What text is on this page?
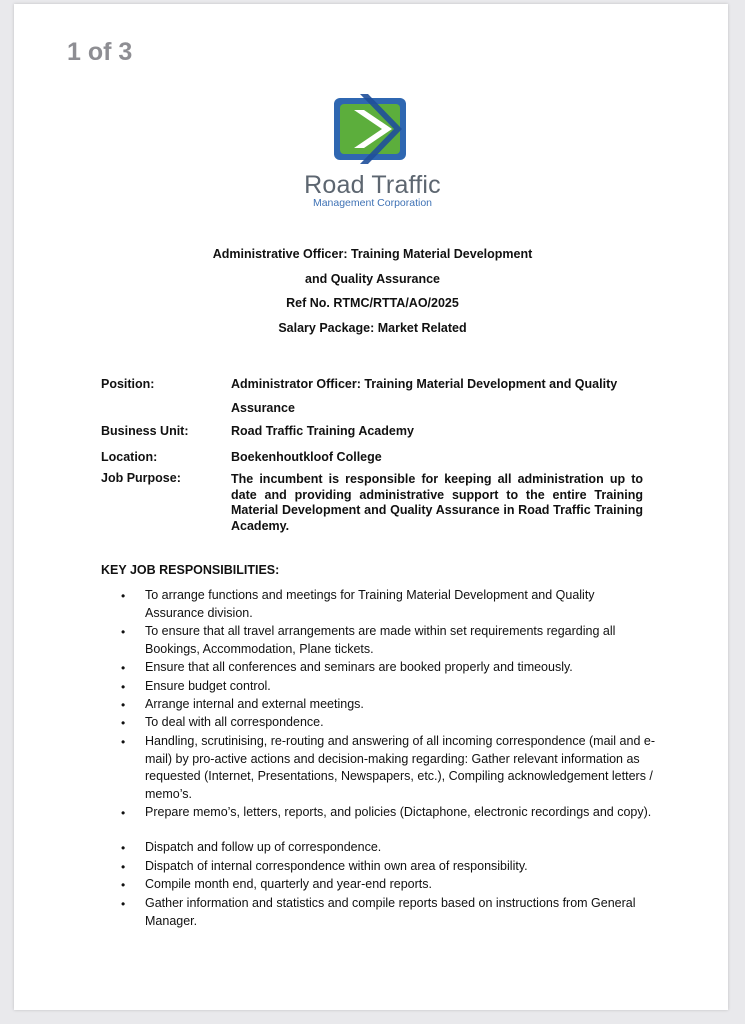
1 of 3
Road Traffic
Management Corporation
Administrative Officer: Training Material Development
and Quality Assurance
Ref No. RTMC/RTTA/AO/2025
Salary Package: Market Related
Position:	Administrator Officer: Training Material Development and Quality
Assurance
Business Unit:	Road Traffic Training Academy
Location:	Boekenhoutkloof College
Job Purpose:	The incumbent is responsible for keeping all administration up to date and providing administrative support to the entire Training Material Development and Quality Assurance in Road Traffic Training Academy.
KEY JOB RESPONSIBILITIES:
• To arrange functions and meetings for Training Material Development and Quality Assurance division.
• To ensure that all travel arrangements are made within set requirements regarding all Bookings, Accommodation, Plane tickets.
• Ensure that all conferences and seminars are booked properly and timeously.
• Ensure budget control.
• Arrange internal and external meetings.
• To deal with all correspondence.
• Handling, scrutinising, re-routing and answering of all incoming correspondence (mail and e-mail) by pro-active actions and decision-making regarding: Gather relevant information as requested (Internet, Presentations, Newspapers, etc.), Compiling acknowledgement letters / memo’s.
• Prepare memo’s, letters, reports, and policies (Dictaphone, electronic recordings and copy).
• Dispatch and follow up of correspondence.
• Dispatch of internal correspondence within own area of responsibility.
• Compile month end, quarterly and year-end reports.
• Gather information and statistics and compile reports based on instructions from General Manager.
